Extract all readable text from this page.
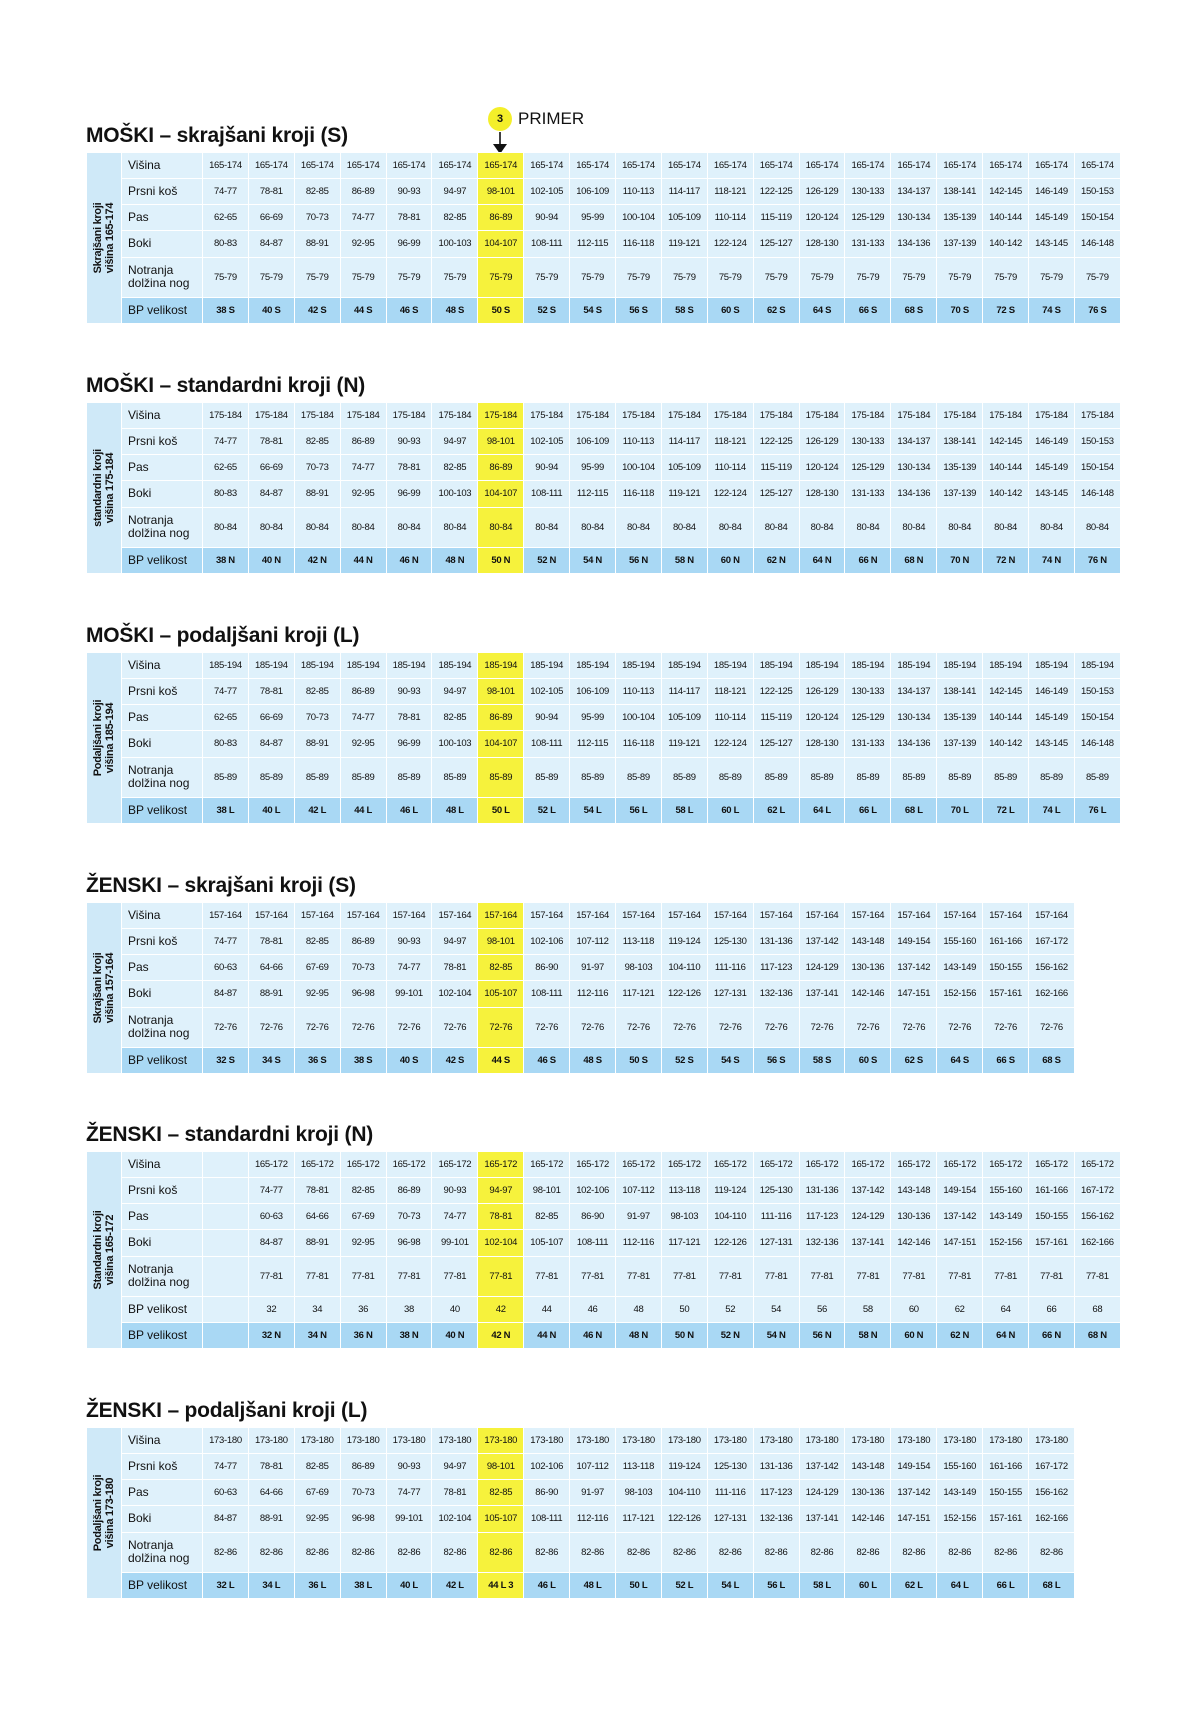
3 PRIMER
MOŠKI – skrajšani kroji (S)
Skrajšani kroji višina 165-174	Višina	165-174	165-174	165-174	165-174	165-174	165-174	165-174	165-174	165-174	165-174	165-174	165-174	165-174	165-174	165-174	165-174	165-174	165-174	165-174	165-174
	Prsni koš	74-77	78-81	82-85	86-89	90-93	94-97	98-101	102-105	106-109	110-113	114-117	118-121	122-125	126-129	130-133	134-137	138-141	142-145	146-149	150-153
	Pas	62-65	66-69	70-73	74-77	78-81	82-85	86-89	90-94	95-99	100-104	105-109	110-114	115-119	120-124	125-129	130-134	135-139	140-144	145-149	150-154
	Boki	80-83	84-87	88-91	92-95	96-99	100-103	104-107	108-111	112-115	116-118	119-121	122-124	125-127	128-130	131-133	134-136	137-139	140-142	143-145	146-148
	Notranja dolžina nog	75-79	75-79	75-79	75-79	75-79	75-79	75-79	75-79	75-79	75-79	75-79	75-79	75-79	75-79	75-79	75-79	75-79	75-79	75-79	75-79
	BP velikost	38 S	40 S	42 S	44 S	46 S	48 S	50 S	52 S	54 S	56 S	58 S	60 S	62 S	64 S	66 S	68 S	70 S	72 S	74 S	76 S
MOŠKI – standardni kroji (N)
standardni kroji višina 175-184	Višina	175-184	175-184	175-184	175-184	175-184	175-184	175-184	175-184	175-184	175-184	175-184	175-184	175-184	175-184	175-184	175-184	175-184	175-184	175-184	175-184
	Prsni koš	74-77	78-81	82-85	86-89	90-93	94-97	98-101	102-105	106-109	110-113	114-117	118-121	122-125	126-129	130-133	134-137	138-141	142-145	146-149	150-153
	Pas	62-65	66-69	70-73	74-77	78-81	82-85	86-89	90-94	95-99	100-104	105-109	110-114	115-119	120-124	125-129	130-134	135-139	140-144	145-149	150-154
	Boki	80-83	84-87	88-91	92-95	96-99	100-103	104-107	108-111	112-115	116-118	119-121	122-124	125-127	128-130	131-133	134-136	137-139	140-142	143-145	146-148
	Notranja dolžina nog	80-84	80-84	80-84	80-84	80-84	80-84	80-84	80-84	80-84	80-84	80-84	80-84	80-84	80-84	80-84	80-84	80-84	80-84	80-84	80-84
	BP velikost	38 N	40 N	42 N	44 N	46 N	48 N	50 N	52 N	54 N	56 N	58 N	60 N	62 N	64 N	66 N	68 N	70 N	72 N	74 N	76 N
MOŠKI – podaljšani kroji (L)
Podaljšani kroji višina 185-194	Višina	185-194	185-194	185-194	185-194	185-194	185-194	185-194	185-194	185-194	185-194	185-194	185-194	185-194	185-194	185-194	185-194	185-194	185-194	185-194	185-194
	Prsni koš	74-77	78-81	82-85	86-89	90-93	94-97	98-101	102-105	106-109	110-113	114-117	118-121	122-125	126-129	130-133	134-137	138-141	142-145	146-149	150-153
	Pas	62-65	66-69	70-73	74-77	78-81	82-85	86-89	90-94	95-99	100-104	105-109	110-114	115-119	120-124	125-129	130-134	135-139	140-144	145-149	150-154
	Boki	80-83	84-87	88-91	92-95	96-99	100-103	104-107	108-111	112-115	116-118	119-121	122-124	125-127	128-130	131-133	134-136	137-139	140-142	143-145	146-148
	Notranja dolžina nog	85-89	85-89	85-89	85-89	85-89	85-89	85-89	85-89	85-89	85-89	85-89	85-89	85-89	85-89	85-89	85-89	85-89	85-89	85-89	85-89
	BP velikost	38 L	40 L	42 L	44 L	46 L	48 L	50 L	52 L	54 L	56 L	58 L	60 L	62 L	64 L	66 L	68 L	70 L	72 L	74 L	76 L
ŽENSKI – skrajšani kroji (S)
Skrajšani kroji višina 157-164	Višina	157-164	157-164	157-164	157-164	157-164	157-164	157-164	157-164	157-164	157-164	157-164	157-164	157-164	157-164	157-164	157-164	157-164	157-164	157-164
	Prsni koš	74-77	78-81	82-85	86-89	90-93	94-97	98-101	102-106	107-112	113-118	119-124	125-130	131-136	137-142	143-148	149-154	155-160	161-166	167-172
	Pas	60-63	64-66	67-69	70-73	74-77	78-81	82-85	86-90	91-97	98-103	104-110	111-116	117-123	124-129	130-136	137-142	143-149	150-155	156-162
	Boki	84-87	88-91	92-95	96-98	99-101	102-104	105-107	108-111	112-116	117-121	122-126	127-131	132-136	137-141	142-146	147-151	152-156	157-161	162-166
	Notranja dolžina nog	72-76	72-76	72-76	72-76	72-76	72-76	72-76	72-76	72-76	72-76	72-76	72-76	72-76	72-76	72-76	72-76	72-76	72-76	72-76
	BP velikost	32 S	34 S	36 S	38 S	40 S	42 S	44 S	46 S	48 S	50 S	52 S	54 S	56 S	58 S	60 S	62 S	64 S	66 S	68 S
ŽENSKI – standardni kroji (N)
Standardni kroji višina 165-172	Višina		165-172	165-172	165-172	165-172	165-172	165-172	165-172	165-172	165-172	165-172	165-172	165-172	165-172	165-172	165-172	165-172	165-172	165-172	165-172
	Prsni koš		74-77	78-81	82-85	86-89	90-93	94-97	98-101	102-106	107-112	113-118	119-124	125-130	131-136	137-142	143-148	149-154	155-160	161-166	167-172
	Pas		60-63	64-66	67-69	70-73	74-77	78-81	82-85	86-90	91-97	98-103	104-110	111-116	117-123	124-129	130-136	137-142	143-149	150-155	156-162
	Boki		84-87	88-91	92-95	96-98	99-101	102-104	105-107	108-111	112-116	117-121	122-126	127-131	132-136	137-141	142-146	147-151	152-156	157-161	162-166
	Notranja dolžina nog		77-81	77-81	77-81	77-81	77-81	77-81	77-81	77-81	77-81	77-81	77-81	77-81	77-81	77-81	77-81	77-81	77-81	77-81	77-81
	BP velikost		32	34	36	38	40	42	44	46	48	50	52	54	56	58	60	62	64	66	68
	BP velikost		32 N	34 N	36 N	38 N	40 N	42 N	44 N	46 N	48 N	50 N	52 N	54 N	56 N	58 N	60 N	62 N	64 N	66 N	68 N
ŽENSKI – podaljšani kroji (L)
Podaljšani kroji višina 173-180	Višina	173-180	173-180	173-180	173-180	173-180	173-180	173-180	173-180	173-180	173-180	173-180	173-180	173-180	173-180	173-180	173-180	173-180	173-180	173-180
	Prsni koš	74-77	78-81	82-85	86-89	90-93	94-97	98-101	102-106	107-112	113-118	119-124	125-130	131-136	137-142	143-148	149-154	155-160	161-166	167-172
	Pas	60-63	64-66	67-69	70-73	74-77	78-81	82-85	86-90	91-97	98-103	104-110	111-116	117-123	124-129	130-136	137-142	143-149	150-155	156-162
	Boki	84-87	88-91	92-95	96-98	99-101	102-104	105-107	108-111	112-116	117-121	122-126	127-131	132-136	137-141	142-146	147-151	152-156	157-161	162-166
	Notranja dolžina nog	82-86	82-86	82-86	82-86	82-86	82-86	82-86	82-86	82-86	82-86	82-86	82-86	82-86	82-86	82-86	82-86	82-86	82-86	82-86
	BP velikost	32 L	34 L	36 L	38 L	40 L	42 L	44 L 3	46 L	48 L	50 L	52 L	54 L	56 L	58 L	60 L	62 L	64 L	66 L	68 L
